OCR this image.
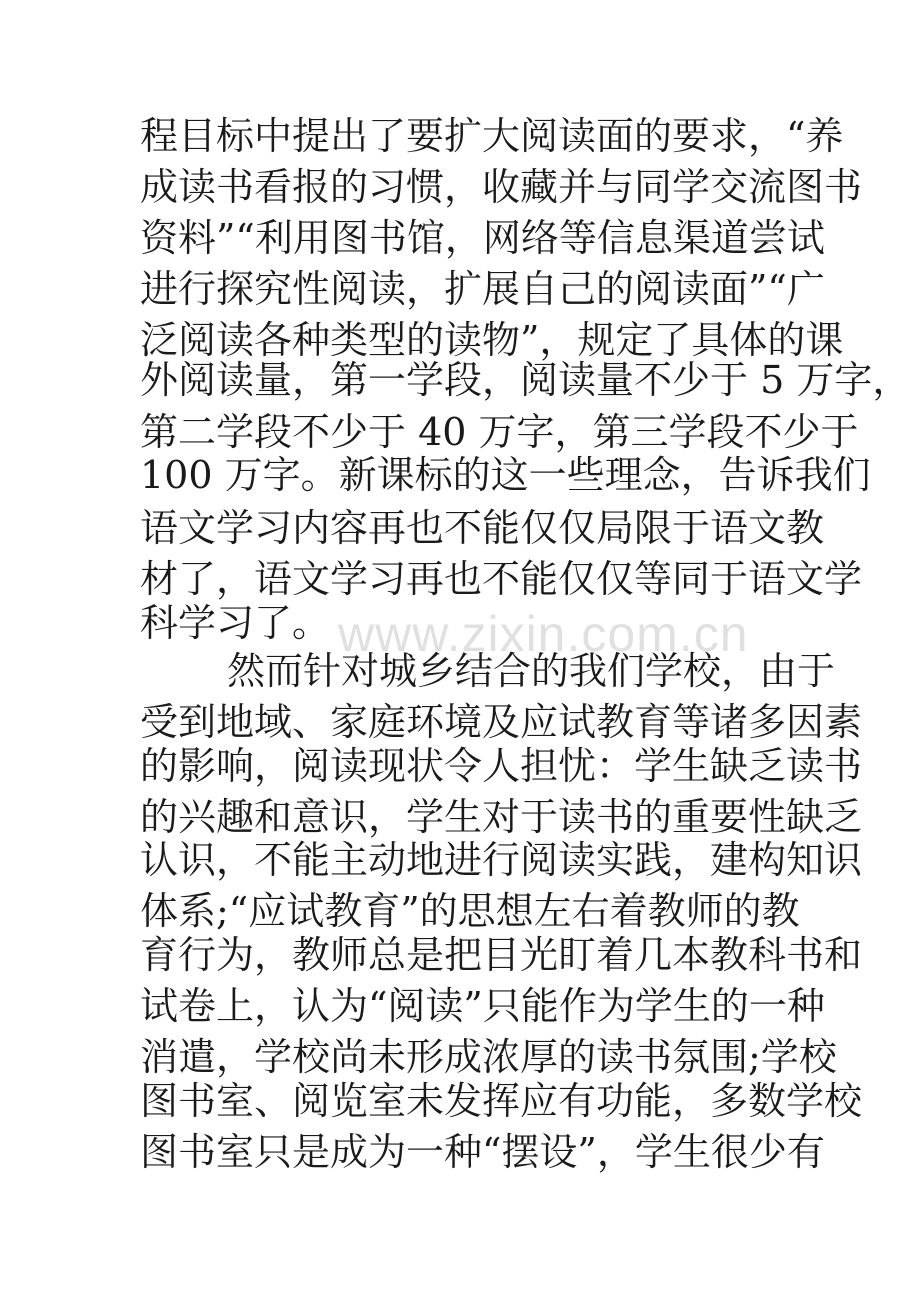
程目标中提出了要扩大阅读面的要求，“养
成读书看报的习惯，收藏并与同学交流图书
资料”“利用图书馆，网络等信息渠道尝试
进行探究性阅读，扩展自己的阅读面”“广
泛阅读各种类型的读物”，规定了具体的课
外阅读量，第一学段，阅读量不少于 5 万字，
第二学段不少于 40 万字，第三学段不少于
100 万字。新课标的这一些理念，告诉我们
语文学习内容再也不能仅仅局限于语文教
材了，语文学习再也不能仅仅等同于语文学
科学习了。 www.zixin.com.cn
然而针对城乡结合的我们学校，由于
受到地域、家庭环境及应试教育等诸多因素
的影响，阅读现状令人担忧：学生缺乏读书
的兴趣和意识，学生对于读书的重要性缺乏
认识，不能主动地进行阅读实践，建构知识
体系;“应试教育”的思想左右着教师的教
育行为，教师总是把目光盯着几本教科书和
试卷上，认为“阅读”只能作为学生的一种
消遣，学校尚未形成浓厚的读书氛围;学校
图书室、阅览室未发挥应有功能，多数学校
图书室只是成为一种“摆设”，学生很少有
